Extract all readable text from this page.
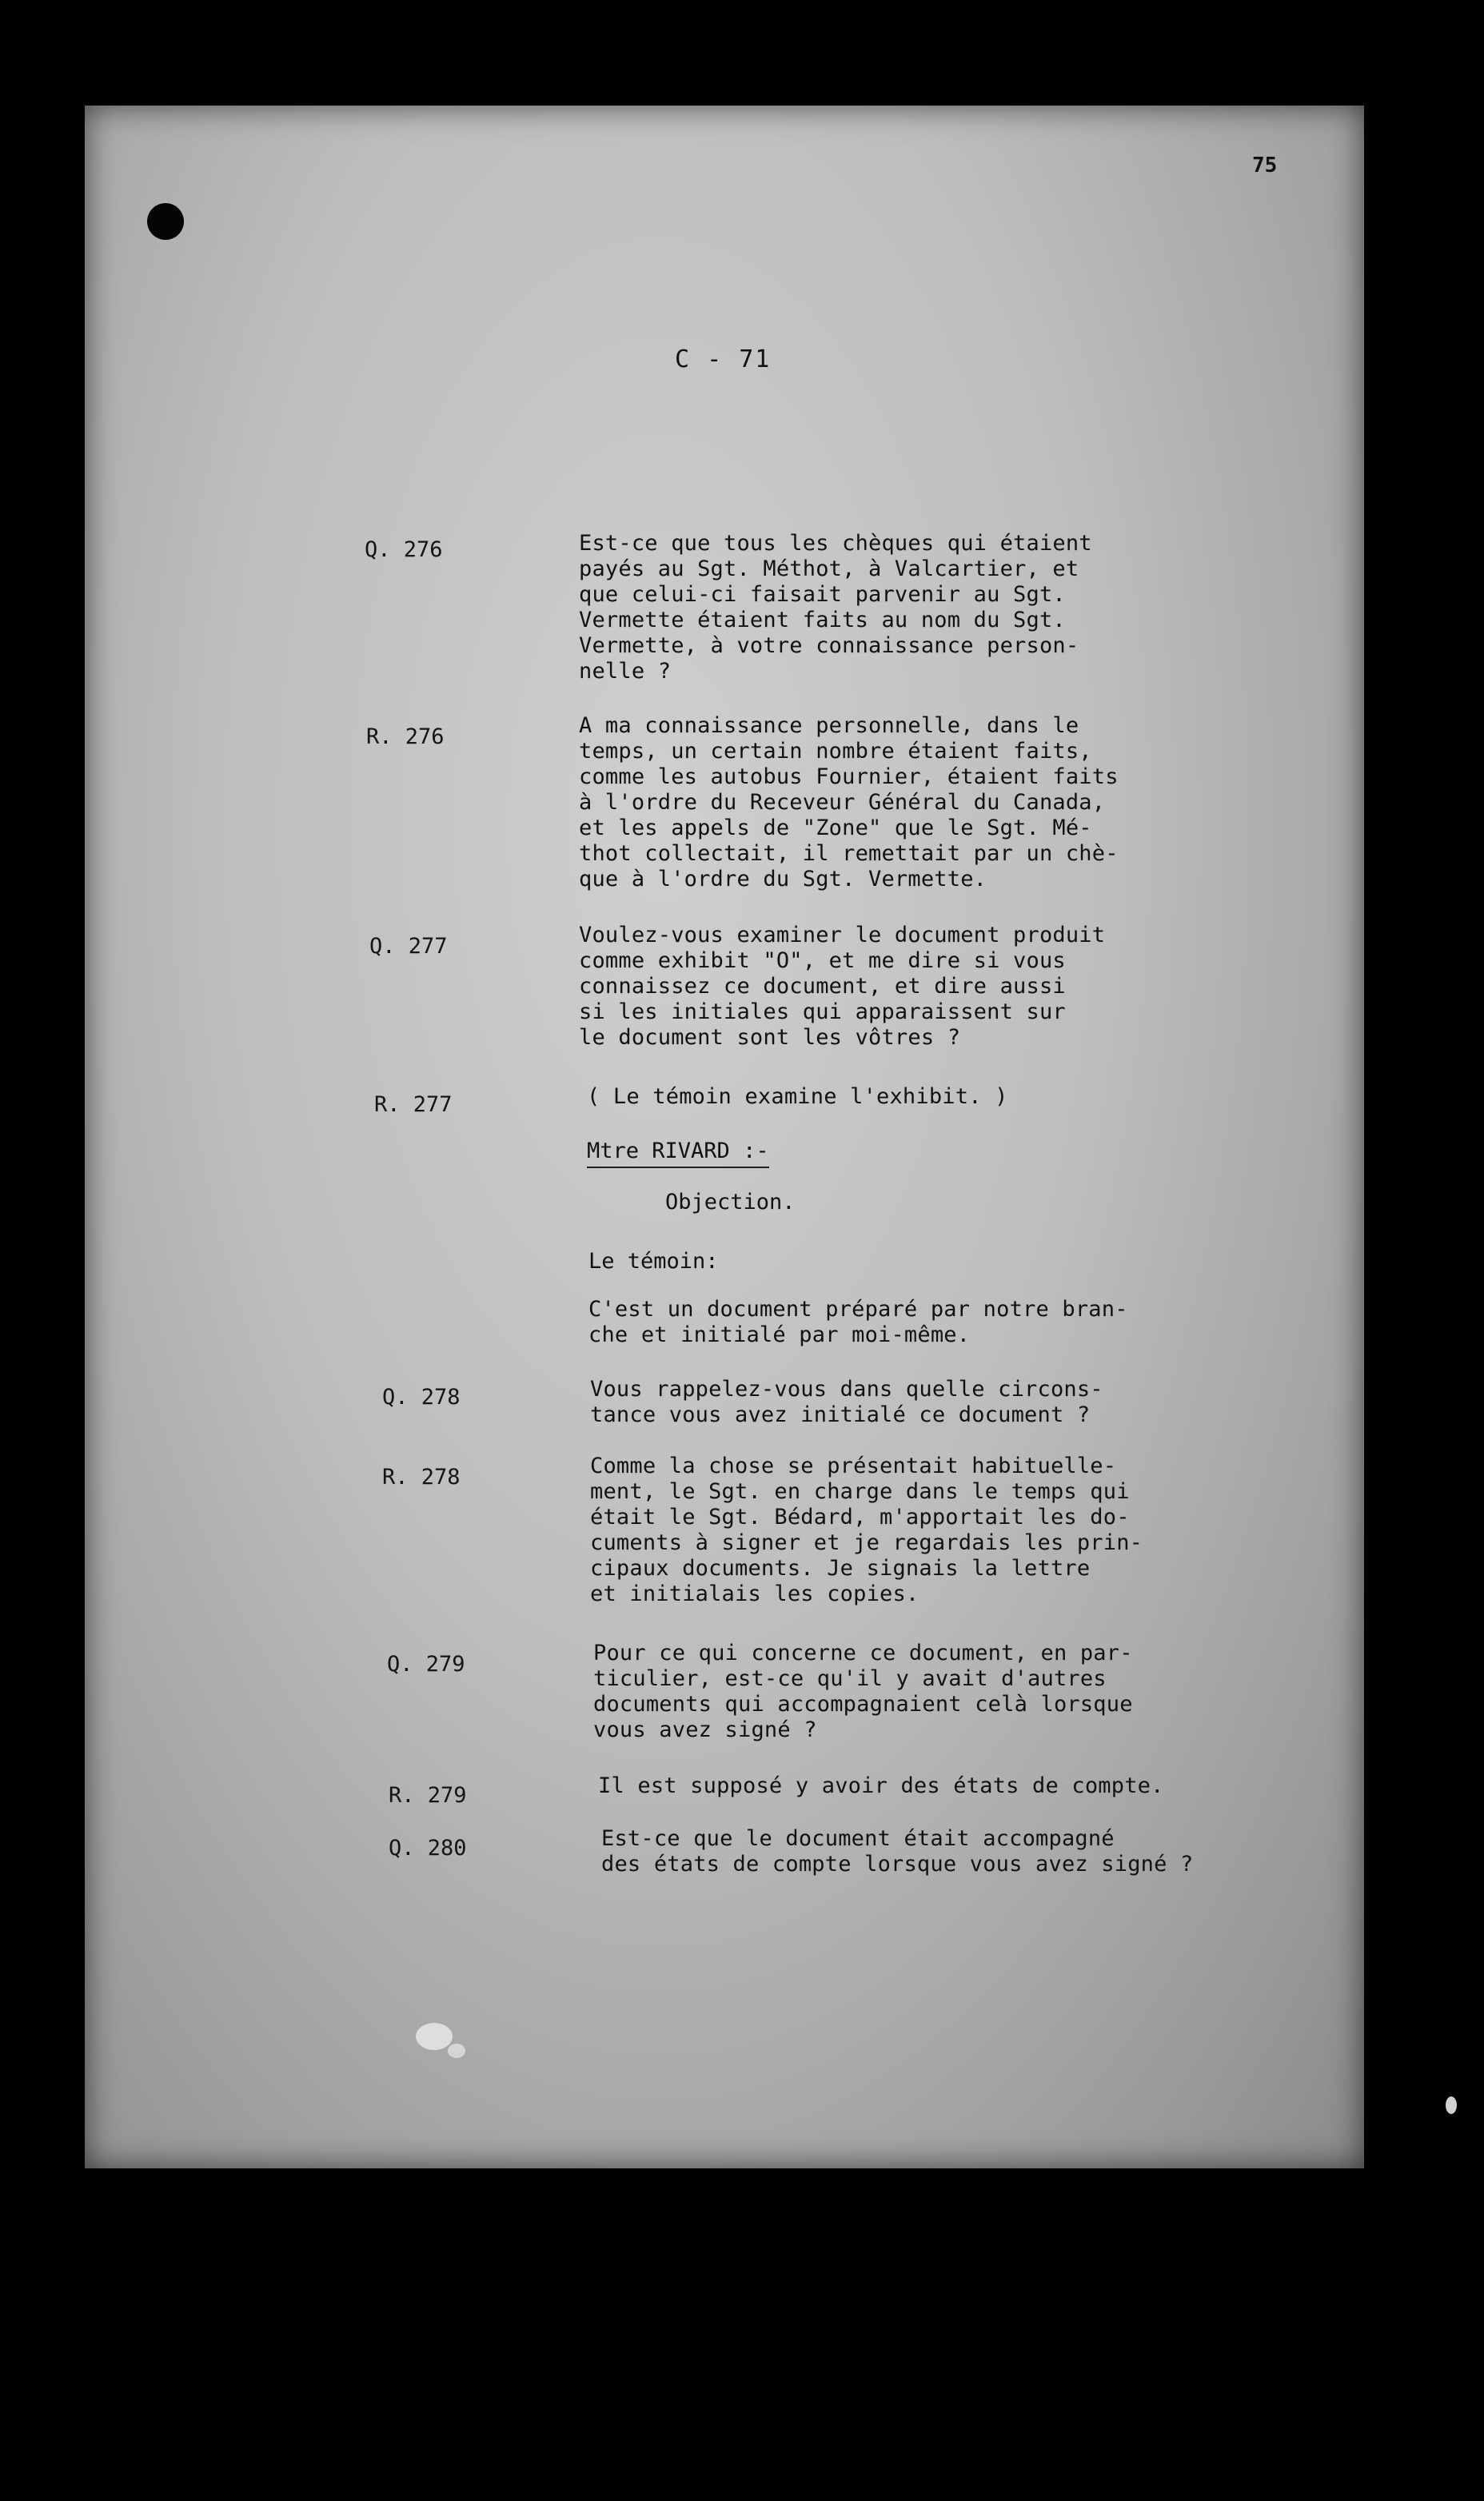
75
C - 71
Q. 276	Est-ce que tous les chèques qui étaient
payés au Sgt. Méthot, à Valcartier, et
que celui-ci faisait parvenir au Sgt.
Vermette étaient faits au nom du Sgt.
Vermette, à votre connaissance person-
nelle ?
R. 276	A ma connaissance personnelle, dans le
temps, un certain nombre étaient faits,
comme les autobus Fournier, étaient faits
à l'ordre du Receveur Général du Canada,
et les appels de "Zone" que le Sgt. Mé-
thot collectait, il remettait par un chè-
que à l'ordre du Sgt. Vermette.
Q. 277	Voulez-vous examiner le document produit
comme exhibit "O", et me dire si vous
connaissez ce document, et dire aussi
si les initiales qui apparaissent sur
le document sont les vôtres ?
R. 277	( Le témoin examine l'exhibit. )
Mtre RIVARD :-
Objection.
Le témoin:
C'est un document préparé par notre bran-
che et initialé par moi-même.
Q. 278	Vous rappelez-vous dans quelle circons-
tance vous avez initialé ce document ?
R. 278	Comme la chose se présentait habituelle-
ment, le Sgt. en charge dans le temps qui
était le Sgt. Bédard, m'apportait les do-
cuments à signer et je regardais les prin-
cipaux documents. Je signais la lettre
et initialais les copies.
Q. 279	Pour ce qui concerne ce document, en par-
ticulier, est-ce qu'il y avait d'autres
documents qui accompagnaient celà lorsque
vous avez signé ?
R. 279	Il est supposé y avoir des états de compte.
Q. 280	Est-ce que le document était accompagné
des états de compte lorsque vous avez signé ?
